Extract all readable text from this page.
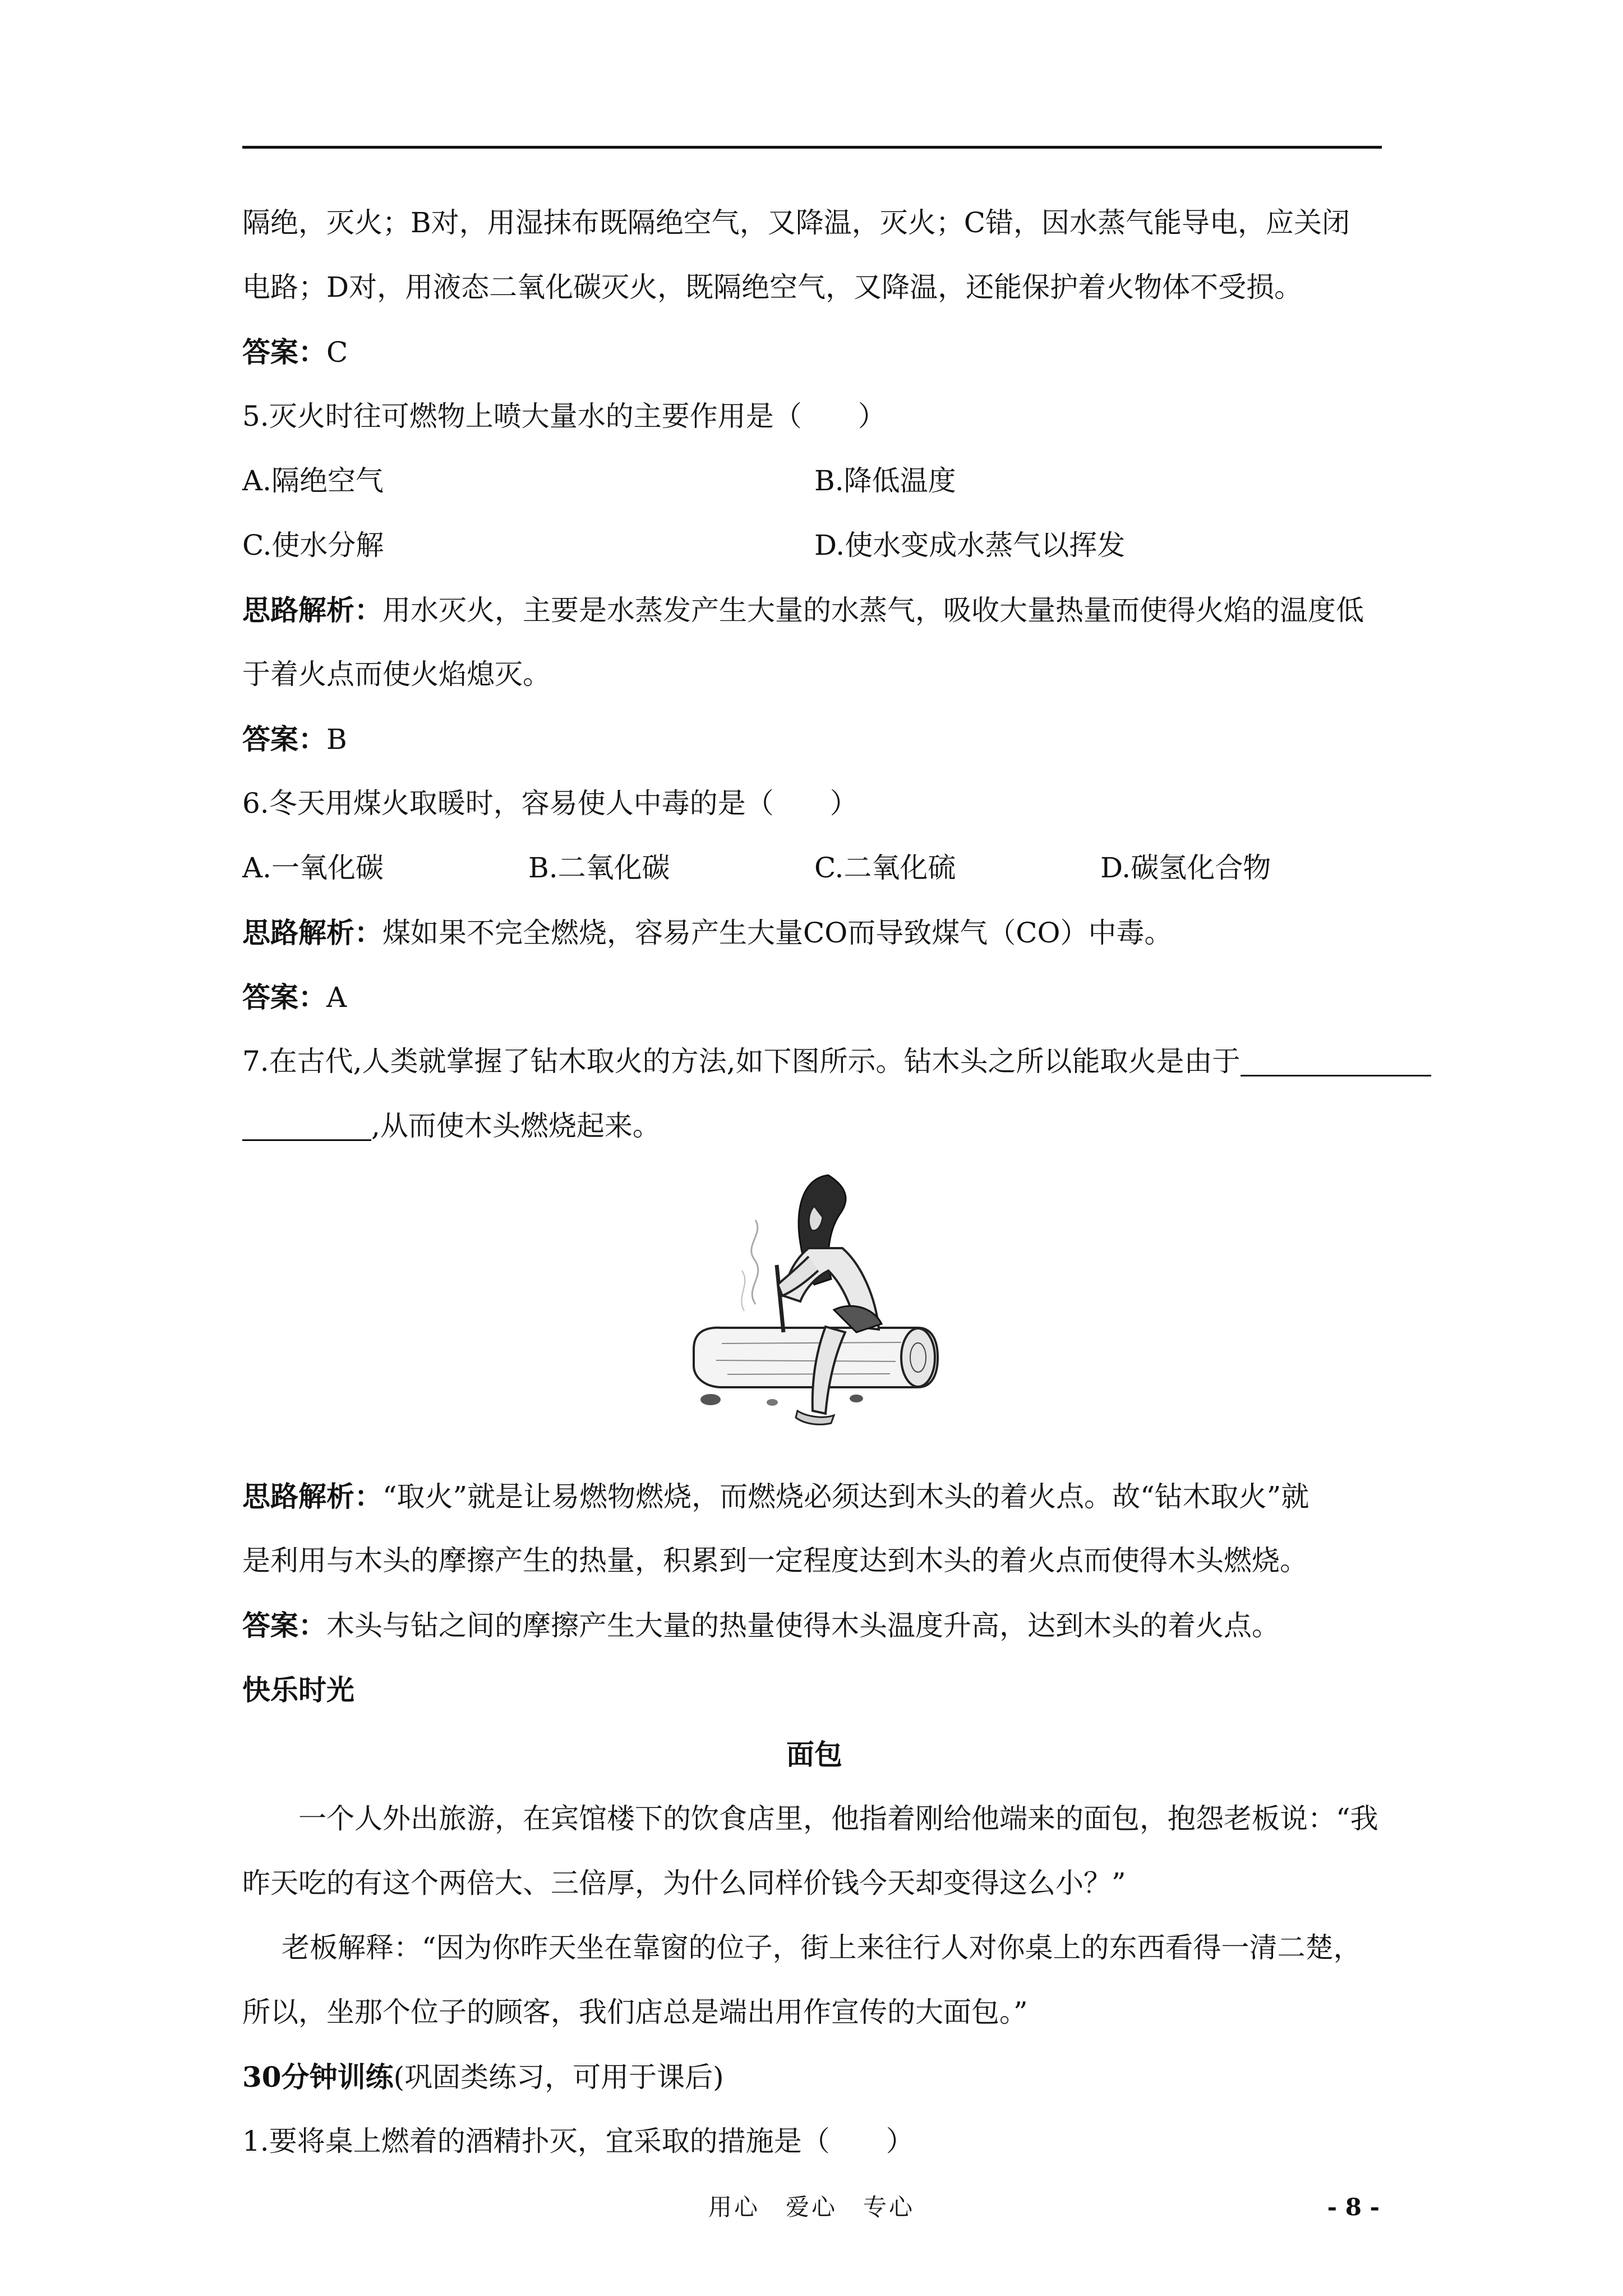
隔绝，灭火；B对，用湿抹布既隔绝空气，又降温，灭火；C错，因水蒸气能导电，应关闭
电路；D对，用液态二氧化碳灭火，既隔绝空气，又降温，还能保护着火物体不受损。
答案：C
5.灭火时往可燃物上喷大量水的主要作用是（　　）
A.隔绝空气	B.降低温度
C.使水分解	D.使水变成水蒸气以挥发
思路解析：用水灭火，主要是水蒸发产生大量的水蒸气，吸收大量热量而使得火焰的温度低
于着火点而使火焰熄灭。
答案：B
6.冬天用煤火取暖时，容易使人中毒的是（　　）
A.一氧化碳	B.二氧化碳	C.二氧化硫	D.碳氢化合物
思路解析：煤如果不完全燃烧，容易产生大量CO而导致煤气（CO）中毒。
答案：A
7.在古代,人类就掌握了钻木取火的方法,如下图所示。钻木头之所以能取火是由于
,从而使木头燃烧起来。
思路解析：“取火”就是让易燃物燃烧，而燃烧必须达到木头的着火点。故“钻木取火”就
是利用与木头的摩擦产生的热量，积累到一定程度达到木头的着火点而使得木头燃烧。
答案：木头与钻之间的摩擦产生大量的热量使得木头温度升高，达到木头的着火点。
快乐时光
面包
一个人外出旅游，在宾馆楼下的饮食店里，他指着刚给他端来的面包，抱怨老板说：“我
昨天吃的有这个两倍大、三倍厚，为什么同样价钱今天却变得这么小？”
老板解释：“因为你昨天坐在靠窗的位子，街上来往行人对你桌上的东西看得一清二楚，
所以，坐那个位子的顾客，我们店总是端出用作宣传的大面包。”
30分钟训练(巩固类练习，可用于课后)
1.要将桌上燃着的酒精扑灭，宜采取的措施是（　　）
用心　爱心　专心	- 8 -
